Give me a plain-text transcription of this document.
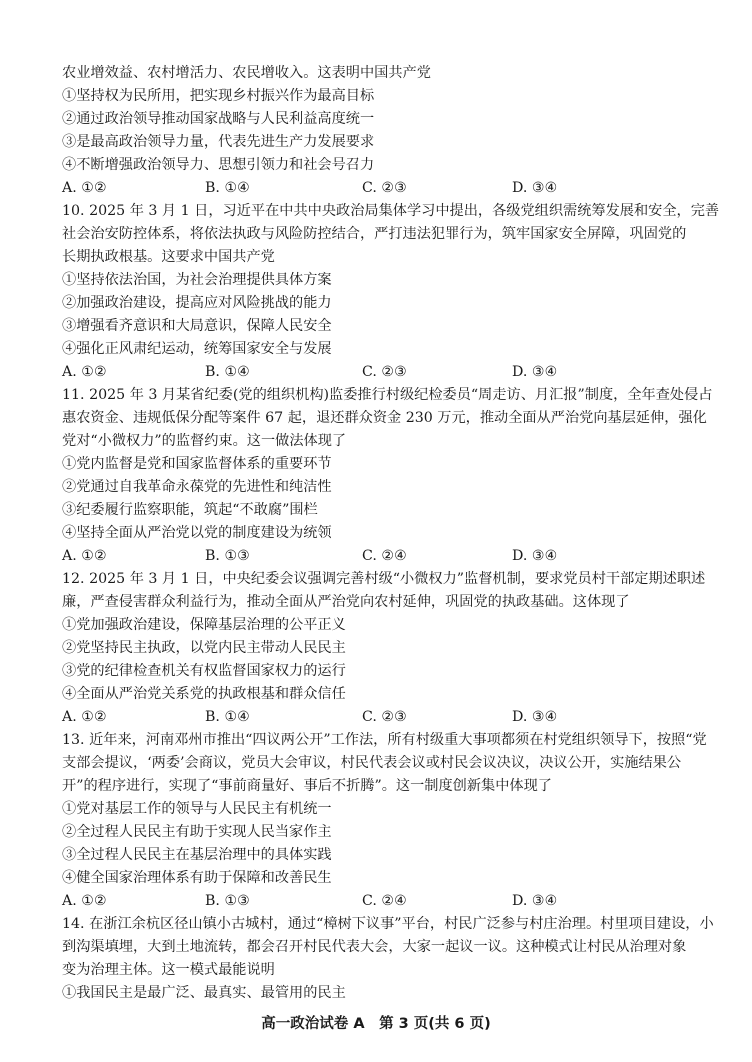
农业增效益、农村增活力、农民增收入。这表明中国共产党
①坚持权为民所用，把实现乡村振兴作为最高目标
②通过政治领导推动国家战略与人民利益高度统一
③是最高政治领导力量，代表先进生产力发展要求
④不断增强政治领导力、思想引领力和社会号召力
A. ①②	B. ①④	C. ②③	D. ③④
10. 2025 年 3 月 1 日，习近平在中共中央政治局集体学习中提出，各级党组织需统筹发展和安全，完善
社会治安防控体系，将依法执政与风险防控结合，严打违法犯罪行为，筑牢国家安全屏障，巩固党的
长期执政根基。这要求中国共产党
①坚持依法治国，为社会治理提供具体方案
②加强政治建设，提高应对风险挑战的能力
③增强看齐意识和大局意识，保障人民安全
④强化正风肃纪运动，统筹国家安全与发展
A. ①②	B. ①④	C. ②③	D. ③④
11. 2025 年 3 月某省纪委(党的组织机构)监委推行村级纪检委员“周走访、月汇报”制度，全年查处侵占
惠农资金、违规低保分配等案件 67 起，退还群众资金 230 万元，推动全面从严治党向基层延伸，强化
党对“小微权力”的监督约束。这一做法体现了
①党内监督是党和国家监督体系的重要环节
②党通过自我革命永葆党的先进性和纯洁性
③纪委履行监察职能，筑起“不敢腐”围栏
④坚持全面从严治党以党的制度建设为统领
A. ①②	B. ①③	C. ②④	D. ③④
12. 2025 年 3 月 1 日，中央纪委会议强调完善村级“小微权力”监督机制，要求党员村干部定期述职述
廉，严查侵害群众利益行为，推动全面从严治党向农村延伸，巩固党的执政基础。这体现了
①党加强政治建设，保障基层治理的公平正义
②党坚持民主执政，以党内民主带动人民民主
③党的纪律检查机关有权监督国家权力的运行
④全面从严治党关系党的执政根基和群众信任
A. ①②	B. ①④	C. ②③	D. ③④
13. 近年来，河南邓州市推出“四议两公开”工作法，所有村级重大事项都须在村党组织领导下，按照“党
支部会提议，‘两委’会商议，党员大会审议，村民代表会议或村民会议决议，决议公开，实施结果公
开”的程序进行，实现了“事前商量好、事后不折腾”。这一制度创新集中体现了
①党对基层工作的领导与人民民主有机统一
②全过程人民民主有助于实现人民当家作主
③全过程人民民主在基层治理中的具体实践
④健全国家治理体系有助于保障和改善民生
A. ①②	B. ①③	C. ②④	D. ③④
14. 在浙江余杭区径山镇小古城村，通过“樟树下议事”平台，村民广泛参与村庄治理。村里项目建设，小
到沟渠填埋，大到土地流转，都会召开村民代表大会，大家一起议一议。这种模式让村民从治理对象
变为治理主体。这一模式最能说明
①我国民主是最广泛、最真实、最管用的民主
高一政治试卷 A　第 3 页(共 6 页)
